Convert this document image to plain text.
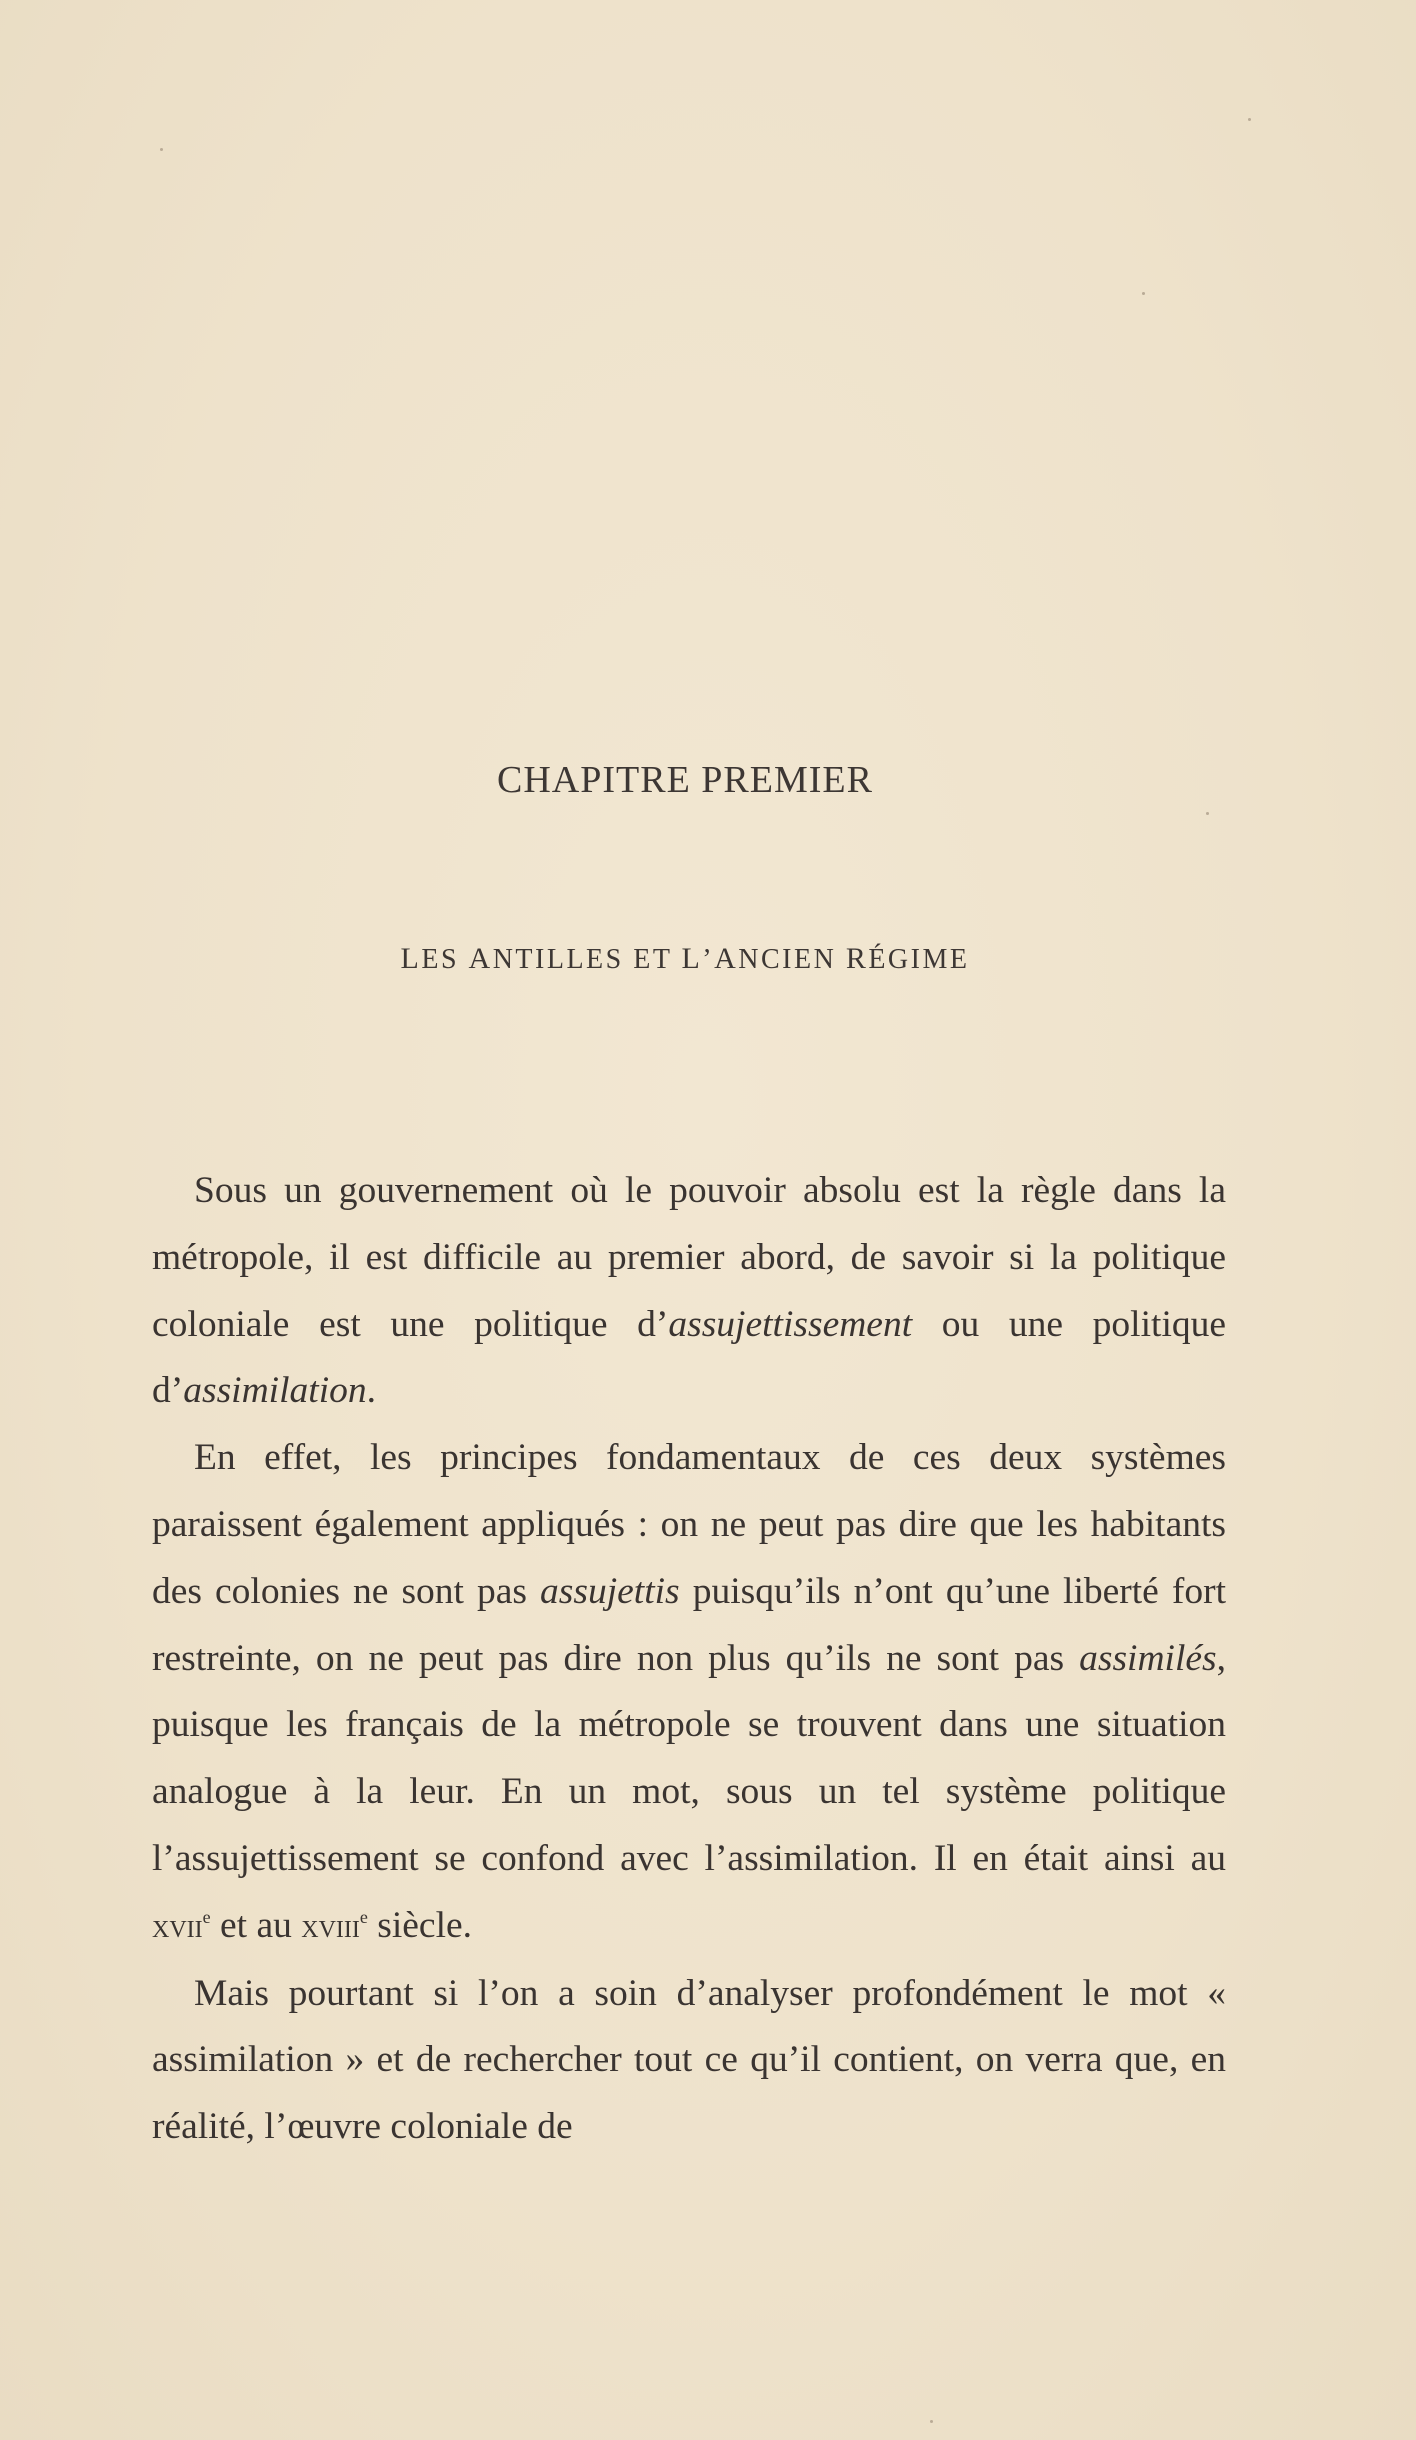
CHAPITRE PREMIER
LES ANTILLES ET L’ANCIEN RÉGIME

Sous un gouvernement où le pouvoir absolu est la règle dans la métropole, il est difficile au premier abord, de savoir si la politique coloniale est une politique d’assujettissement ou une politique d’assimilation.

En effet, les principes fondamentaux de ces deux systèmes paraissent également appliqués : on ne peut pas dire que les habitants des colonies ne sont pas assujettis puisqu’ils n’ont qu’une liberté fort restreinte, on ne peut pas dire non plus qu’ils ne sont pas assimilés, puisque les français de la métropole se trouvent dans une situation analogue à la leur. En un mot, sous un tel système politique l’assujettissement se confond avec l’assimilation. Il en était ainsi au xvii$^e$ et au xviii$^e$ siècle.

Mais pourtant si l’on a soin d’analyser profondément le mot « assimilation » et de rechercher tout ce qu’il contient, on verra que, en réalité, l’œuvre coloniale de
